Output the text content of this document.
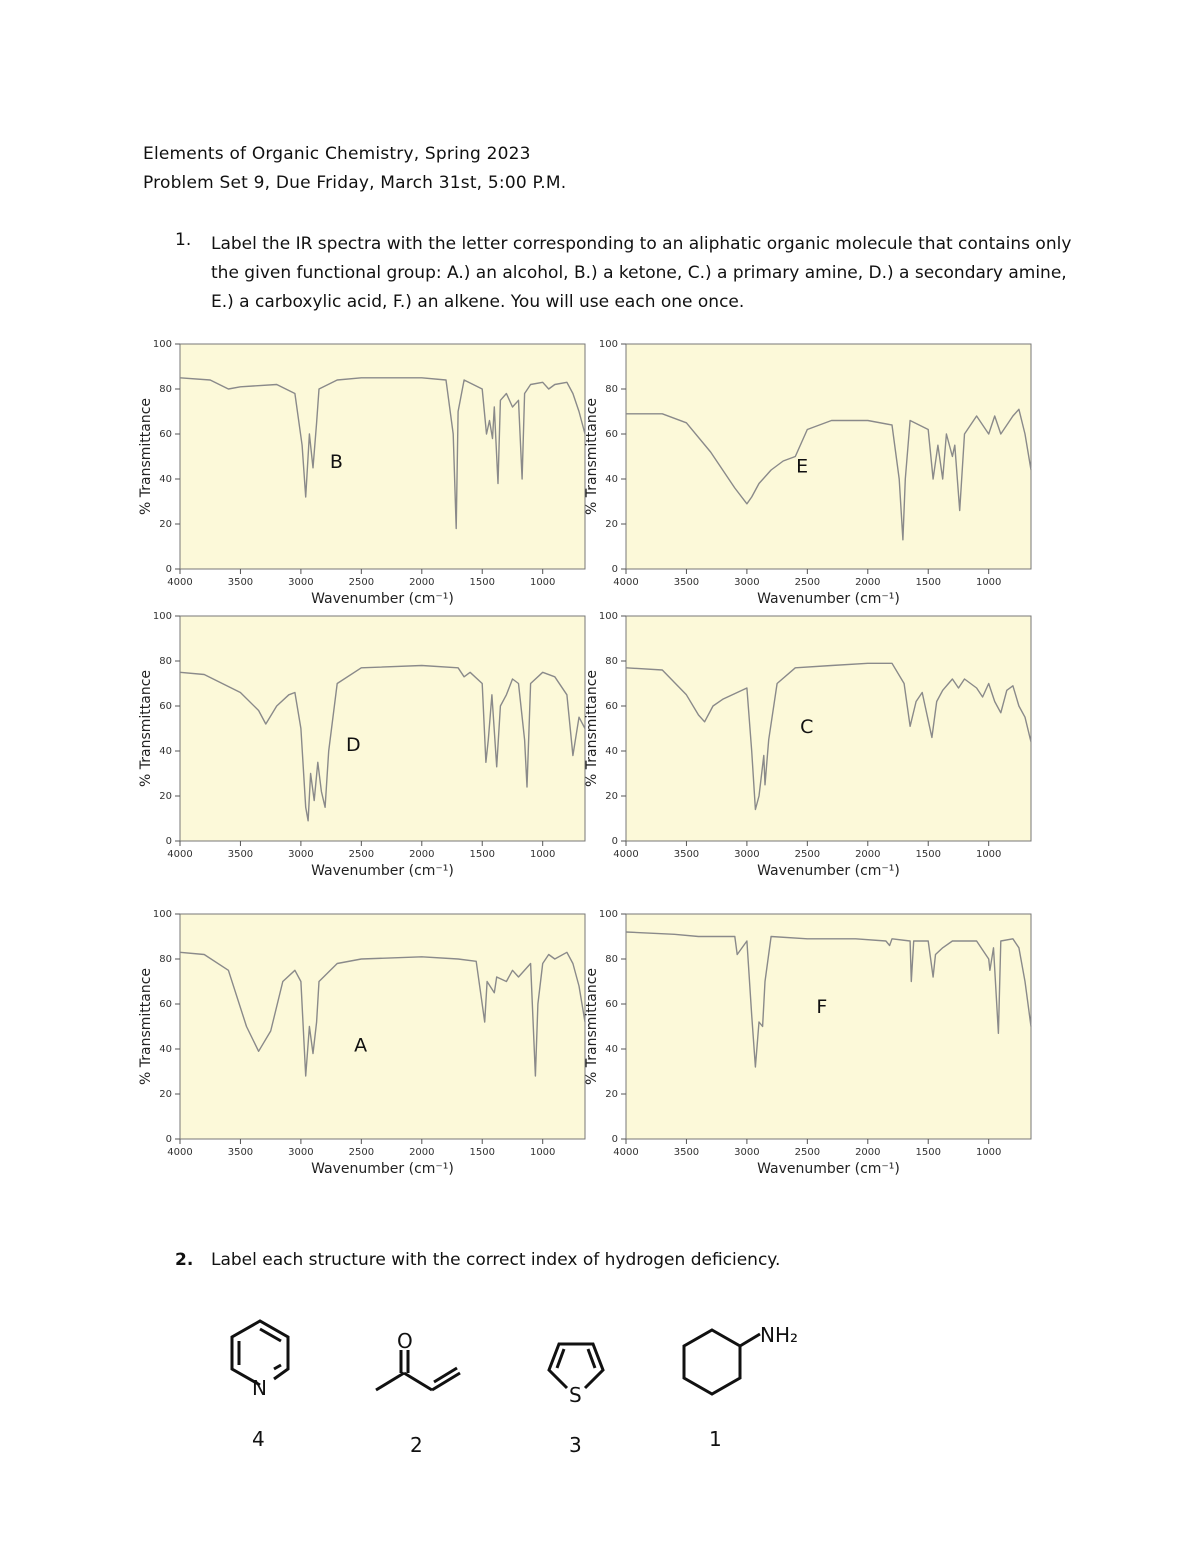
Elements of Organic Chemistry, Spring 2023
Problem Set 9, Due Friday, March 31st, 5:00 P.M.
1. Label the IR spectra with the letter corresponding to an aliphatic organic molecule that contains only the given functional group: A.) an alcohol, B.) a ketone, C.) a primary amine, D.) a secondary amine, E.) a carboxylic acid, F.) an alkene. You will use each one once.
0
20
40
60
80
100
4000	3500	3000	2500	2000	1500	1000
Wavenumber (cm⁻¹)
% Transmittance	B
0
20
40
60
80
100
4000	3500	3000	2500	2000	1500	1000
Wavenumber (cm⁻¹)
% Transmittance	E
0
20
40
60
80
100
4000	3500	3000	2500	2000	1500	1000
Wavenumber (cm⁻¹)
% Transmittance	D
0
20
40
60
80
100
4000	3500	3000	2500	2000	1500	1000
Wavenumber (cm⁻¹)
% Transmittance	C
0
20
40
60
80
100
4000	3500	3000	2500	2000	1500	1000
Wavenumber (cm⁻¹)
% Transmittance	A
0
20
40
60
80
100
4000	3500	3000	2500	2000	1500	1000
Wavenumber (cm⁻¹)
% Transmittance	F
2. Label each structure with the correct index of hydrogen deficiency.
N
4
O
2
S
3
NH₂
1
